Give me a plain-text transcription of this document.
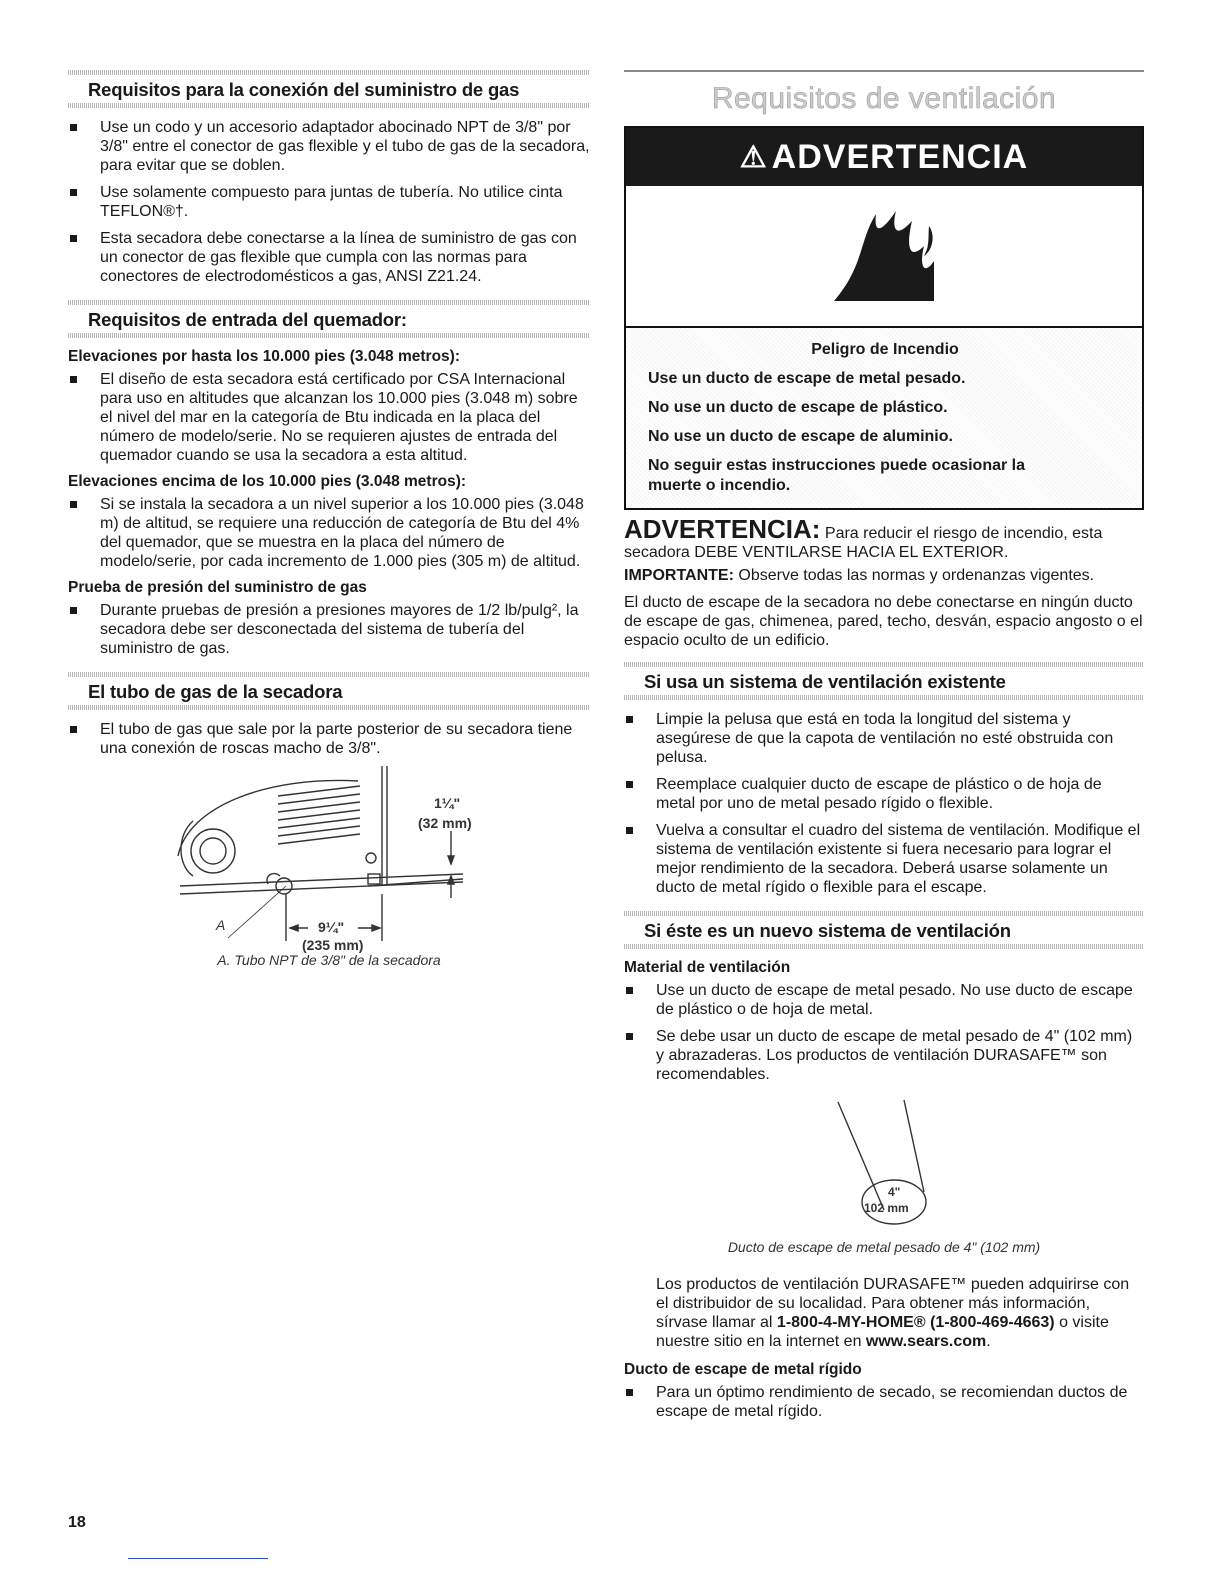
Requisitos para la conexión del suministro de gas
Use un codo y un accesorio adaptador abocinado NPT de 3/8" por 3/8" entre el conector de gas flexible y el tubo de gas de la secadora, para evitar que se doblen.
Use solamente compuesto para juntas de tubería. No utilice cinta TEFLON®†.
Esta secadora debe conectarse a la línea de suministro de gas con un conector de gas flexible que cumpla con las normas para conectores de electrodomésticos a gas, ANSI Z21.24.
Requisitos de entrada del quemador:
Elevaciones por hasta los 10.000 pies (3.048 metros):
El diseño de esta secadora está certificado por CSA Internacional para uso en altitudes que alcanzan los 10.000 pies (3.048 m) sobre el nivel del mar en la categoría de Btu indicada en la placa del número de modelo/serie. No se requieren ajustes de entrada del quemador cuando se usa la secadora a esta altitud.
Elevaciones encima de los 10.000 pies (3.048 metros):
Si se instala la secadora a un nivel superior a los 10.000 pies (3.048 m) de altitud, se requiere una reducción de categoría de Btu del 4% del quemador, que se muestra en la placa del número de modelo/serie, por cada incremento de 1.000 pies (305 m) de altitud.
Prueba de presión del suministro de gas
Durante pruebas de presión a presiones mayores de 1/2 lb/pulg², la secadora debe ser desconectada del sistema de tubería del suministro de gas.
El tubo de gas de la secadora
El tubo de gas que sale por la parte posterior de su secadora tiene una conexión de roscas macho de 3/8".
A
1¼"
(32 mm)
9¼"
(235 mm)
A. Tubo NPT de 3/8" de la secadora
Requisitos de ventilación
⚠ ADVERTENCIA
Peligro de Incendio
Use un ducto de escape de metal pesado.
No use un ducto de escape de plástico.
No use un ducto de escape de aluminio.
No seguir estas instrucciones puede ocasionar la muerte o incendio.

ADVERTENCIA: Para reducir el riesgo de incendio, esta secadora DEBE VENTILARSE HACIA EL EXTERIOR.

IMPORTANTE: Observe todas las normas y ordenanzas vigentes.

El ducto de escape de la secadora no debe conectarse en ningún ducto de escape de gas, chimenea, pared, techo, desván, espacio angosto o el espacio oculto de un edificio.

Si usa un sistema de ventilación existente
Limpie la pelusa que está en toda la longitud del sistema y asegúrese de que la capota de ventilación no esté obstruida con pelusa.
Reemplace cualquier ducto de escape de plástico o de hoja de metal por uno de metal pesado rígido o flexible.
Vuelva a consultar el cuadro del sistema de ventilación. Modifique el sistema de ventilación existente si fuera necesario para lograr el mejor rendimiento de la secadora. Deberá usarse solamente un ducto de metal rígido o flexible para el escape.
Si éste es un nuevo sistema de ventilación
Material de ventilación
Use un ducto de escape de metal pesado. No use ducto de escape de plástico o de hoja de metal.
Se debe usar un ducto de escape de metal pesado de 4" (102 mm) y abrazaderas. Los productos de ventilación DURASAFE™ son recomendables.
4"
102 mm
Ducto de escape de metal pesado de 4" (102 mm)

Los productos de ventilación DURASAFE™ pueden adquirirse con el distribuidor de su localidad. Para obtener más información, sírvase llamar al 1-800-4-MY-HOME® (1-800-469-4663) o visite nuestre sitio en la internet en www.sears.com.

Ducto de escape de metal rígido
Para un óptimo rendimiento de secado, se recomiendan ductos de escape de metal rígido.
18
